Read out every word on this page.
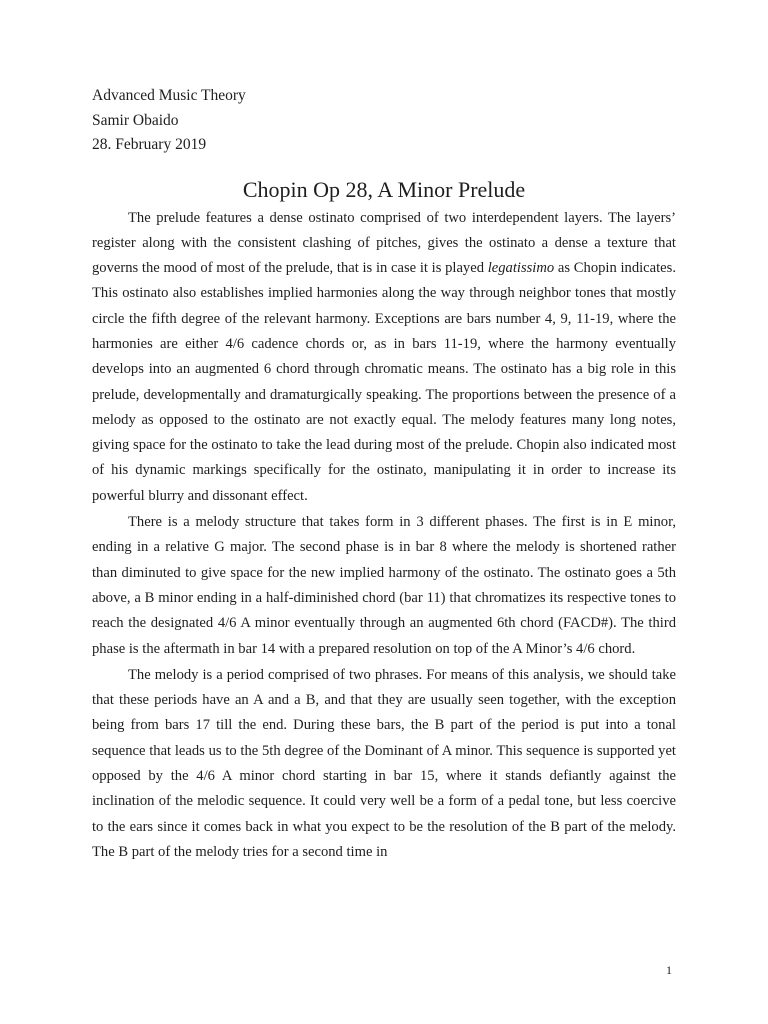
Advanced Music Theory
Samir Obaido
28. February 2019
Chopin Op 28, A Minor Prelude

The prelude features a dense ostinato comprised of two interdependent layers. The layers’ register along with the consistent clashing of pitches, gives the ostinato a dense a texture that governs the mood of most of the prelude, that is in case it is played legatissimo as Chopin indicates. This ostinato also establishes implied harmonies along the way through neighbor tones that mostly circle the fifth degree of the relevant harmony. Exceptions are bars number 4, 9, 11-19, where the harmonies are either 4/6 cadence chords or, as in bars 11-19, where the harmony eventually develops into an augmented 6 chord through chromatic means. The ostinato has a big role in this prelude, developmentally and dramaturgically speaking. The proportions between the presence of a melody as opposed to the ostinato are not exactly equal. The melody features many long notes, giving space for the ostinato to take the lead during most of the prelude. Chopin also indicated most of his dynamic markings specifically for the ostinato, manipulating it in order to increase its powerful blurry and dissonant effect.

There is a melody structure that takes form in 3 different phases. The first is in E minor, ending in a relative G major. The second phase is in bar 8 where the melody is shortened rather than diminuted to give space for the new implied harmony of the ostinato. The ostinato goes a 5th above, a B minor ending in a half-diminished chord (bar 11) that chromatizes its respective tones to reach the designated 4/6 A minor eventually through an augmented 6th chord (FACD#). The third phase is the aftermath in bar 14 with a prepared resolution on top of the A Minor’s 4/6 chord.

The melody is a period comprised of two phrases. For means of this analysis, we should take that these periods have an A and a B, and that they are usually seen together, with the exception being from bars 17 till the end. During these bars, the B part of the period is put into a tonal sequence that leads us to the 5th degree of the Dominant of A minor. This sequence is supported yet opposed by the 4/6 A minor chord starting in bar 15, where it stands defiantly against the inclination of the melodic sequence. It could very well be a form of a pedal tone, but less coercive to the ears since it comes back in what you expect to be the resolution of the B part of the melody. The B part of the melody tries for a second time in

1
